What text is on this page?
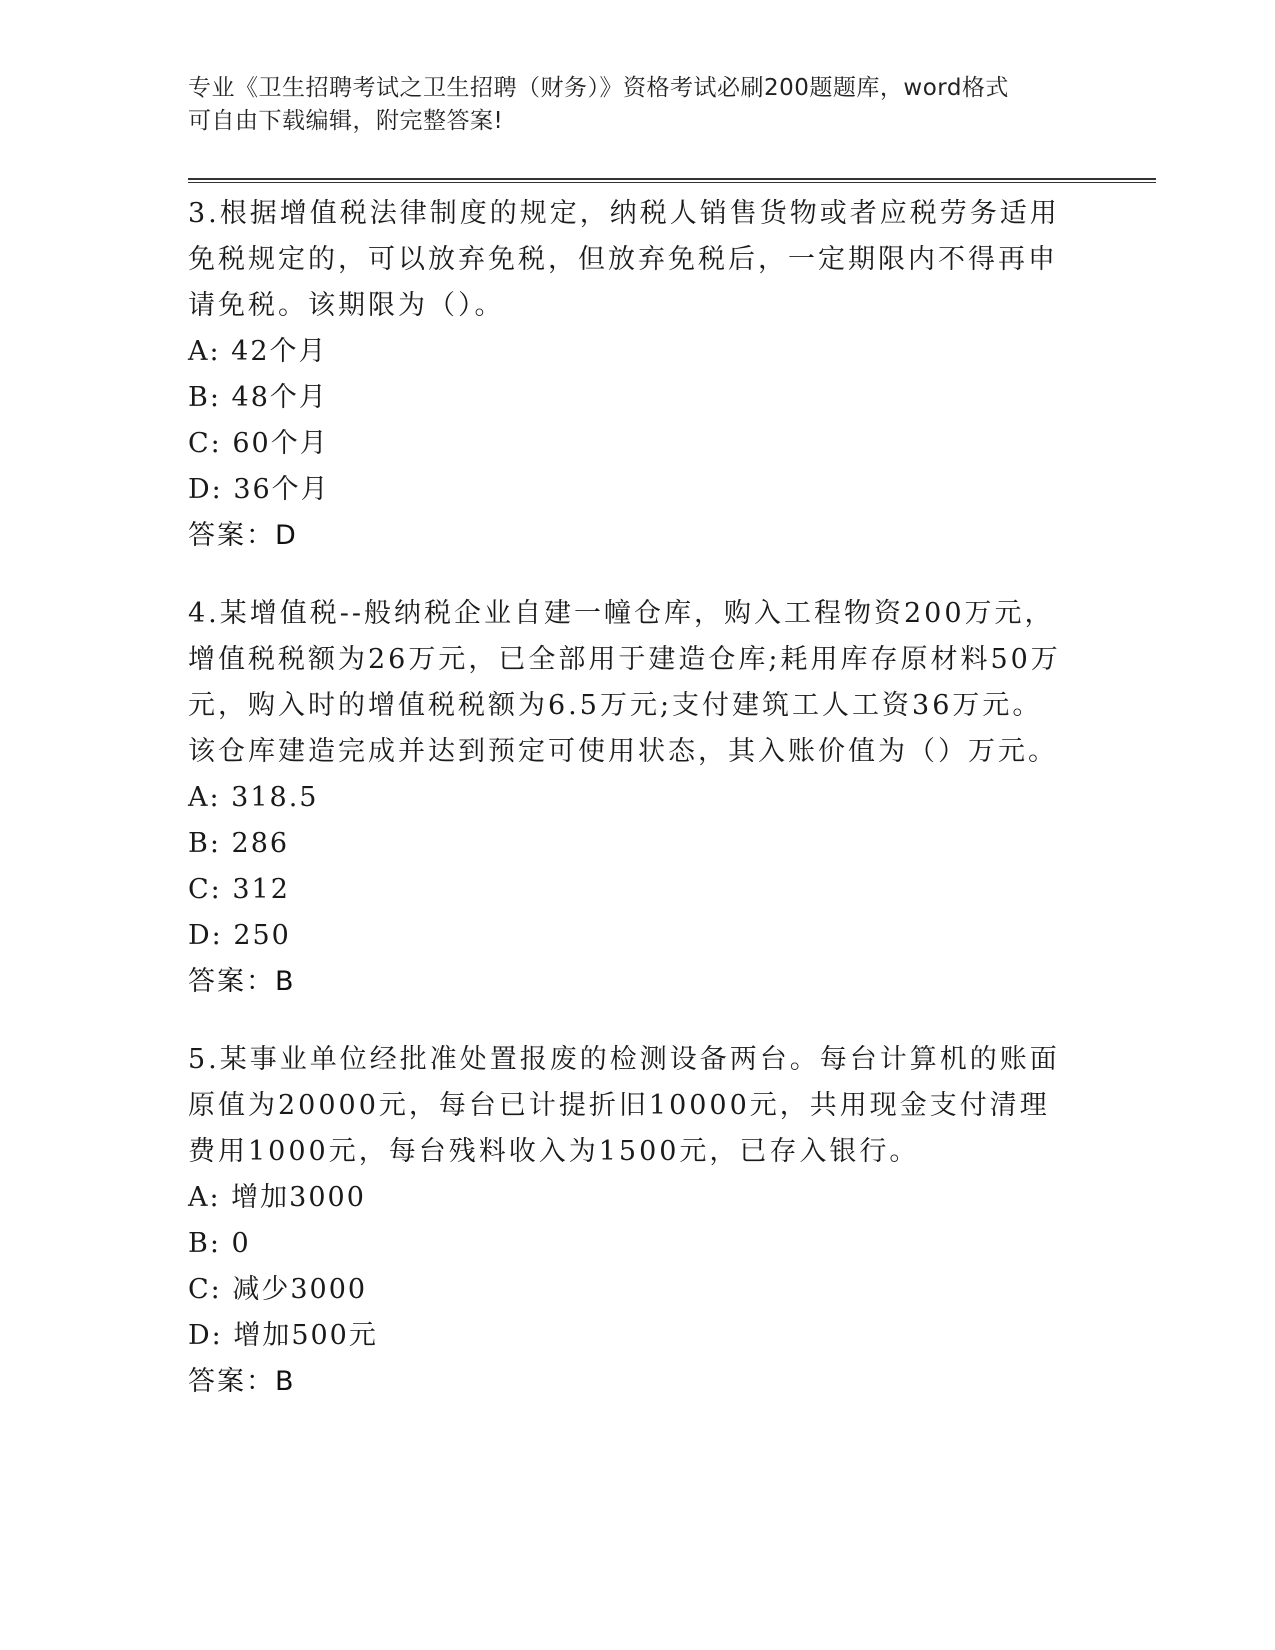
专业《卫生招聘考试之卫生招聘（财务）》资格考试必刷200题题库，word格式
可自由下载编辑，附完整答案!

3.根据增值税法律制度的规定，纳税人销售货物或者应税劳务适用免税规定的，可以放弃免税，但放弃免税后，一定期限内不得再申请免税。该期限为（）。

A: 42个月
B: 48个月
C: 60个月
D: 36个月
答案：D

4.某增值税--般纳税企业自建一幢仓库，购入工程物资200万元，增值税税额为26万元，已全部用于建造仓库;耗用库存原材料50万元，购入时的增值税税额为6.5万元;支付建筑工人工资36万元。该仓库建造完成并达到预定可使用状态，其入账价值为（）万元。

A: 318.5
B: 286
C: 312
D: 250
答案：B

5.某事业单位经批准处置报废的检测设备两台。每台计算机的账面原值为20000元，每台已计提折旧10000元，共用现金支付清理费用1000元，每台残料收入为1500元，已存入银行。

A: 增加3000
B: 0
C: 减少3000
D: 增加500元
答案：B
